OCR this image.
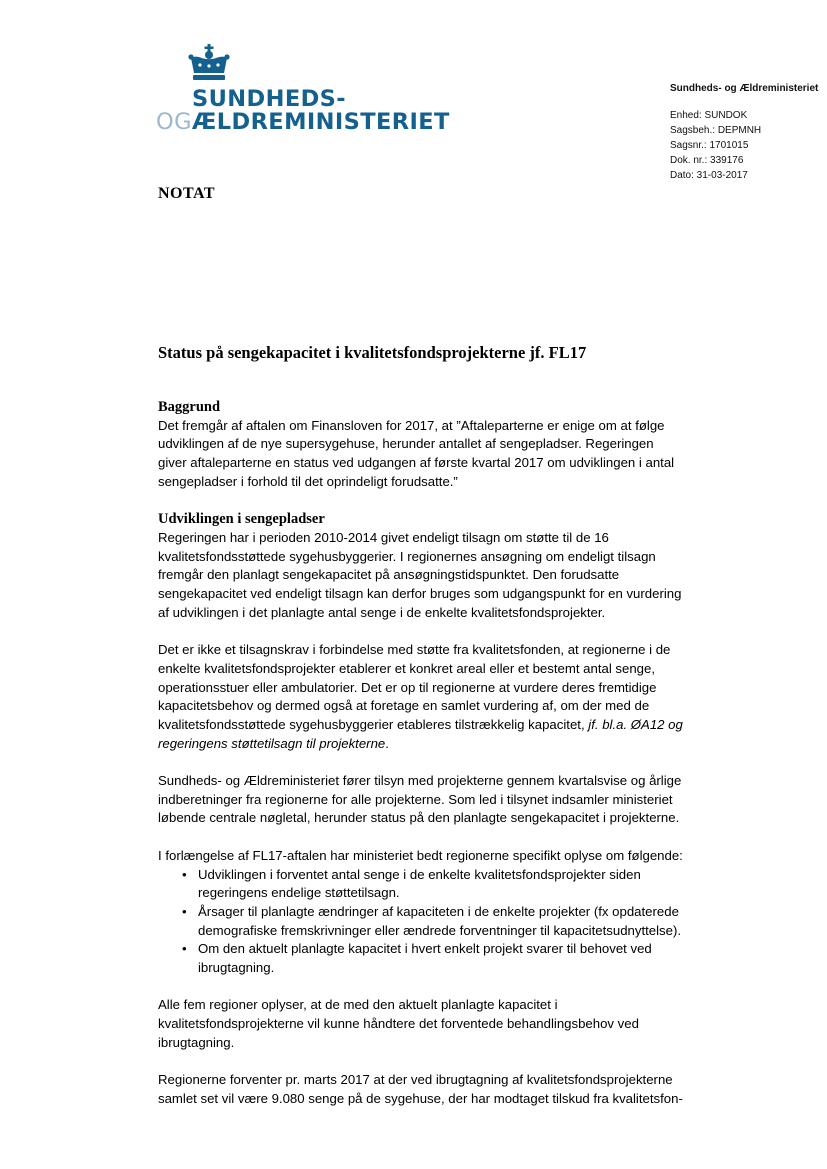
SUNDHEDS-
OGÆLDREMINISTERIET
Sundheds- og Ældreministeriet
Enhed: SUNDOK
Sagsbeh.: DEPMNH
Sagsnr.: 1701015
Dok. nr.: 339176
Dato: 31-03-2017
NOTAT
Status på sengekapacitet i kvalitetsfondsprojekterne jf. FL17
Baggrund

Det fremgår af aftalen om Finansloven for 2017, at ”Aftaleparterne er enige om at følge udviklingen af de nye supersygehuse, herunder antallet af sengepladser. Regeringen giver aftaleparterne en status ved udgangen af første kvartal 2017 om udviklingen i antal sengepladser i forhold til det oprindeligt forudsatte.”

Udviklingen i sengepladser

Regeringen har i perioden 2010-2014 givet endeligt tilsagn om støtte til de 16 kvalitetsfondsstøttede sygehusbyggerier. I regionernes ansøgning om endeligt tilsagn fremgår den planlagt sengekapacitet på ansøgningstidspunktet. Den forudsatte sengekapacitet ved endeligt tilsagn kan derfor bruges som udgangspunkt for en vurdering af udviklingen i det planlagte antal senge i de enkelte kvalitetsfondsprojekter.

Det er ikke et tilsagnskrav i forbindelse med støtte fra kvalitetsfonden, at regionerne i de enkelte kvalitetsfondsprojekter etablerer et konkret areal eller et bestemt antal senge, operationsstuer eller ambulatorier. Det er op til regionerne at vurdere deres fremtidige kapacitetsbehov og dermed også at foretage en samlet vurdering af, om der med de kvalitetsfondsstøttede sygehusbyggerier etableres tilstrækkelig kapacitet, jf. bl.a. ØA12 og regeringens støttetilsagn til projekterne.

Sundheds- og Ældreministeriet fører tilsyn med projekterne gennem kvartalsvise og årlige indberetninger fra regionerne for alle projekterne. Som led i tilsynet indsamler ministeriet løbende centrale nøgletal, herunder status på den planlagte sengekapacitet i projekterne.

I forlængelse af FL17-aftalen har ministeriet bedt regionerne specifikt oplyse om følgende:

• Udviklingen i forventet antal senge i de enkelte kvalitetsfondsprojekter siden regeringens endelige støttetilsagn.
• Årsager til planlagte ændringer af kapaciteten i de enkelte projekter (fx opdaterede demografiske fremskrivninger eller ændrede forventninger til kapacitetsudnyttelse).
• Om den aktuelt planlagte kapacitet i hvert enkelt projekt svarer til behovet ved ibrugtagning.

Alle fem regioner oplyser, at de med den aktuelt planlagte kapacitet i kvalitetsfondsprojekterne vil kunne håndtere det forventede behandlingsbehov ved ibrugtagning.

Regionerne forventer pr. marts 2017 at der ved ibrugtagning af kvalitetsfondsprojekterne samlet set vil være 9.080 senge på de sygehuse, der har modtaget tilskud fra kvalitetsfon-
